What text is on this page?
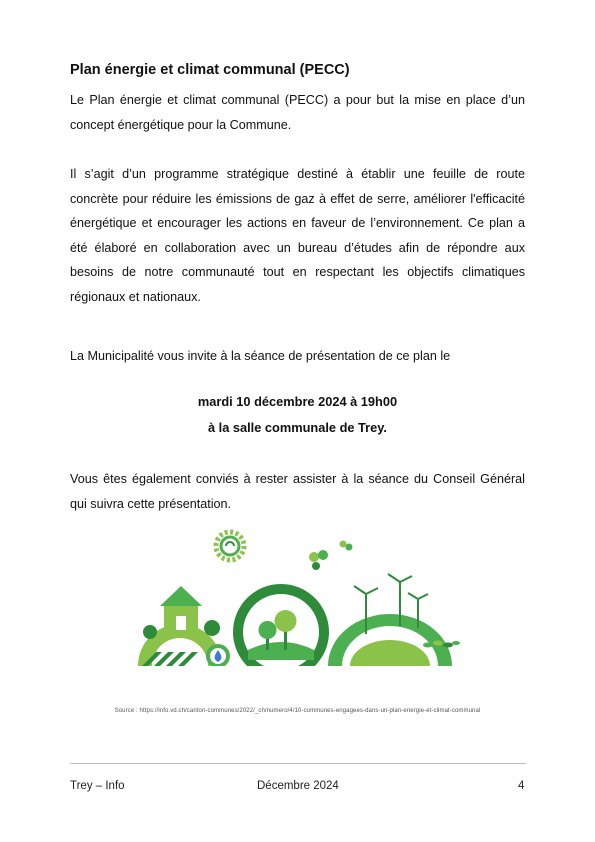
Plan énergie et climat communal (PECC)

Le Plan énergie et climat communal (PECC) a pour but la mise en place d’un concept énergétique pour la Commune.

Il s’agit d’un programme stratégique destiné à établir une feuille de route concrète pour réduire les émissions de gaz à effet de serre, améliorer l'efficacité énergétique et encourager les actions en faveur de l’environnement. Ce plan a été élaboré en collaboration avec un bureau d’études afin de répondre aux besoins de notre communauté tout en respectant les objectifs climatiques régionaux et nationaux.

La Municipalité vous invite à la séance de présentation de ce plan le

mardi 10 décembre 2024 à 19h00
à la salle communale de Trey.

Vous êtes également conviés à rester assister à la séance du Conseil Général qui suivra cette présentation.

Source : https://info.vd.ch/canton-communes/2022/_ch/numero/4/10-communes-engagees-dans-un-plan-energie-et-climat-communal
Trey – Info	Décembre 2024	4
